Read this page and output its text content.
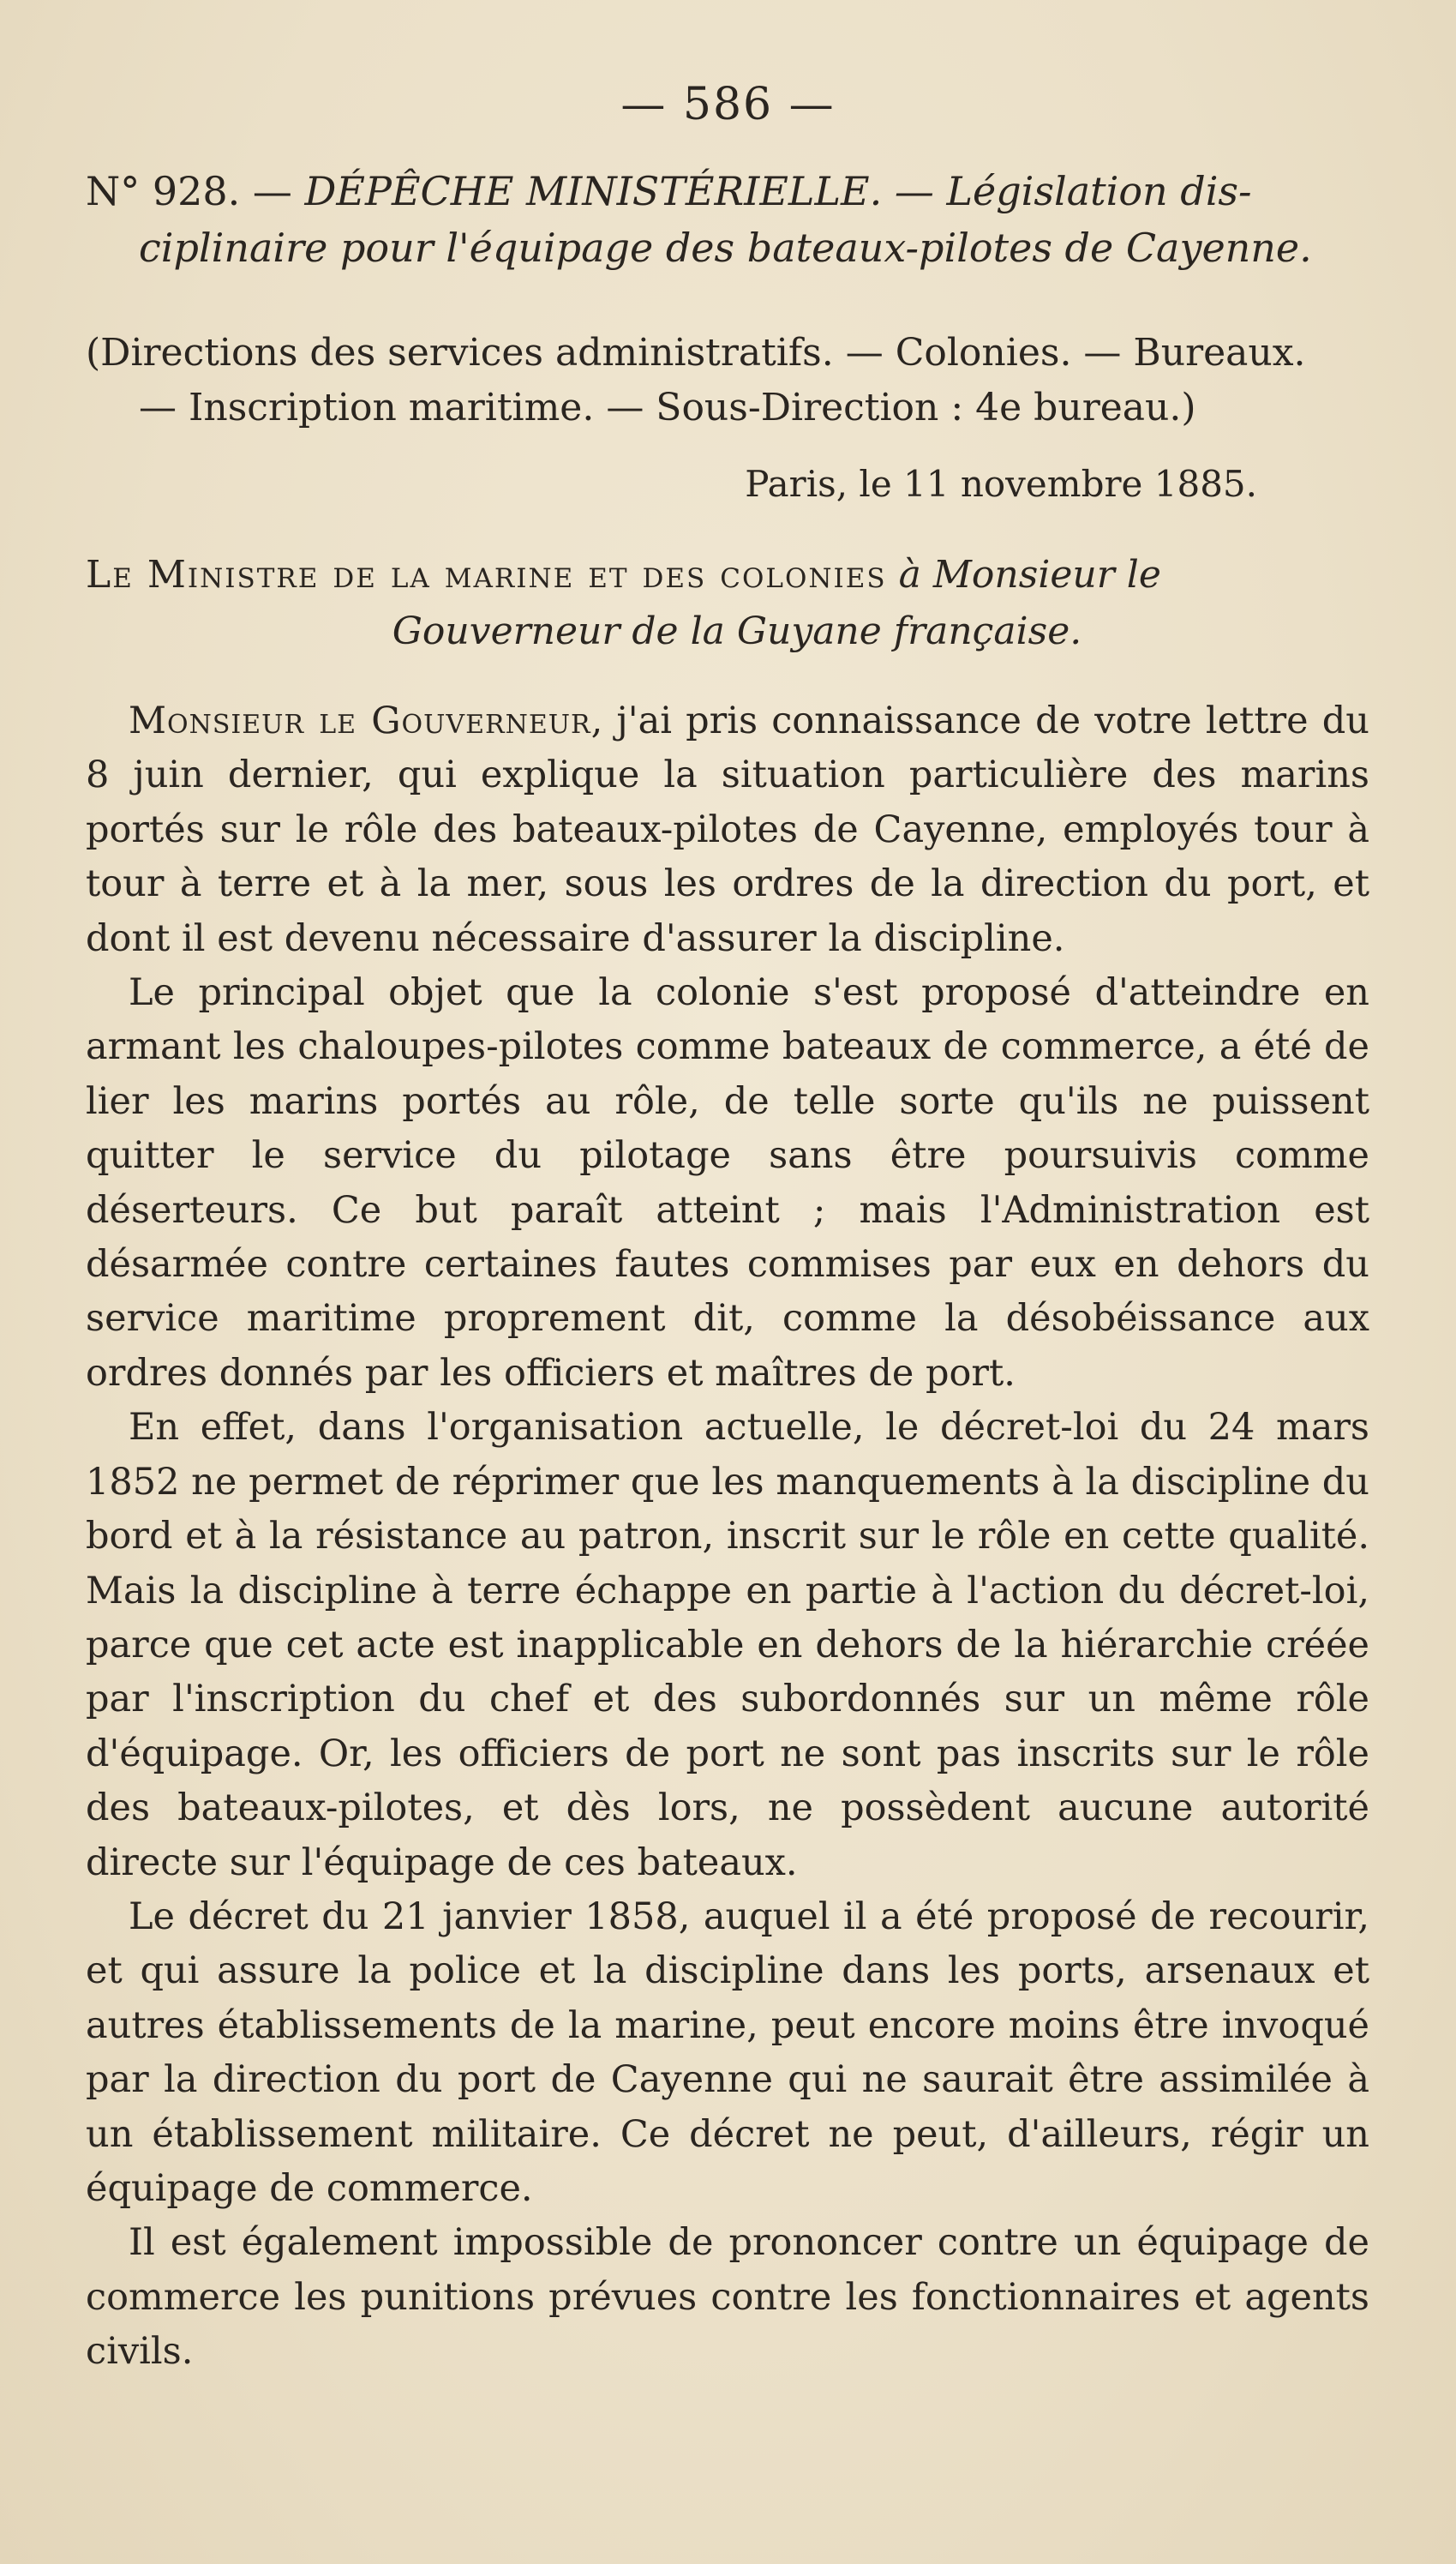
— 586 —
N° 928. — DÉPÊCHE MINISTÉRIELLE. — Législation dis-
ciplinaire pour l'équipage des bateaux-pilotes de Cayenne.
(Directions des services administratifs. — Colonies. — Bureaux.
— Inscription maritime. — Sous-Direction : 4e bureau.)
Paris, le 11 novembre 1885.
Le Ministre de la marine et des colonies à Monsieur le
Gouverneur de la Guyane française.

Monsieur le Gouverneur, j'ai pris connaissance de votre lettre du 8 juin dernier, qui explique la situation particulière des marins portés sur le rôle des bateaux-pilotes de Cayenne, employés tour à tour à terre et à la mer, sous les ordres de la direction du port, et dont il est devenu nécessaire d'assurer la discipline.

Le principal objet que la colonie s'est proposé d'atteindre en armant les chaloupes-pilotes comme bateaux de commerce, a été de lier les marins portés au rôle, de telle sorte qu'ils ne puissent quitter le service du pilotage sans être poursuivis comme déserteurs. Ce but paraît atteint ; mais l'Administration est désarmée contre certaines fautes commises par eux en dehors du service maritime proprement dit, comme la désobéissance aux ordres donnés par les officiers et maîtres de port.

En effet, dans l'organisation actuelle, le décret-loi du 24 mars 1852 ne permet de réprimer que les manquements à la discipline du bord et à la résistance au patron, inscrit sur le rôle en cette qualité. Mais la discipline à terre échappe en partie à l'action du décret-loi, parce que cet acte est inapplicable en dehors de la hiérarchie créée par l'inscription du chef et des subordonnés sur un même rôle d'équipage. Or, les officiers de port ne sont pas inscrits sur le rôle des bateaux-pilotes, et dès lors, ne possèdent aucune autorité directe sur l'équipage de ces bateaux.

Le décret du 21 janvier 1858, auquel il a été proposé de recourir, et qui assure la police et la discipline dans les ports, arsenaux et autres établissements de la marine, peut encore moins être invoqué par la direction du port de Cayenne qui ne saurait être assimilée à un établissement militaire. Ce décret ne peut, d'ailleurs, régir un équipage de commerce.

Il est également impossible de prononcer contre un équipage de commerce les punitions prévues contre les fonctionnaires et agents civils.
